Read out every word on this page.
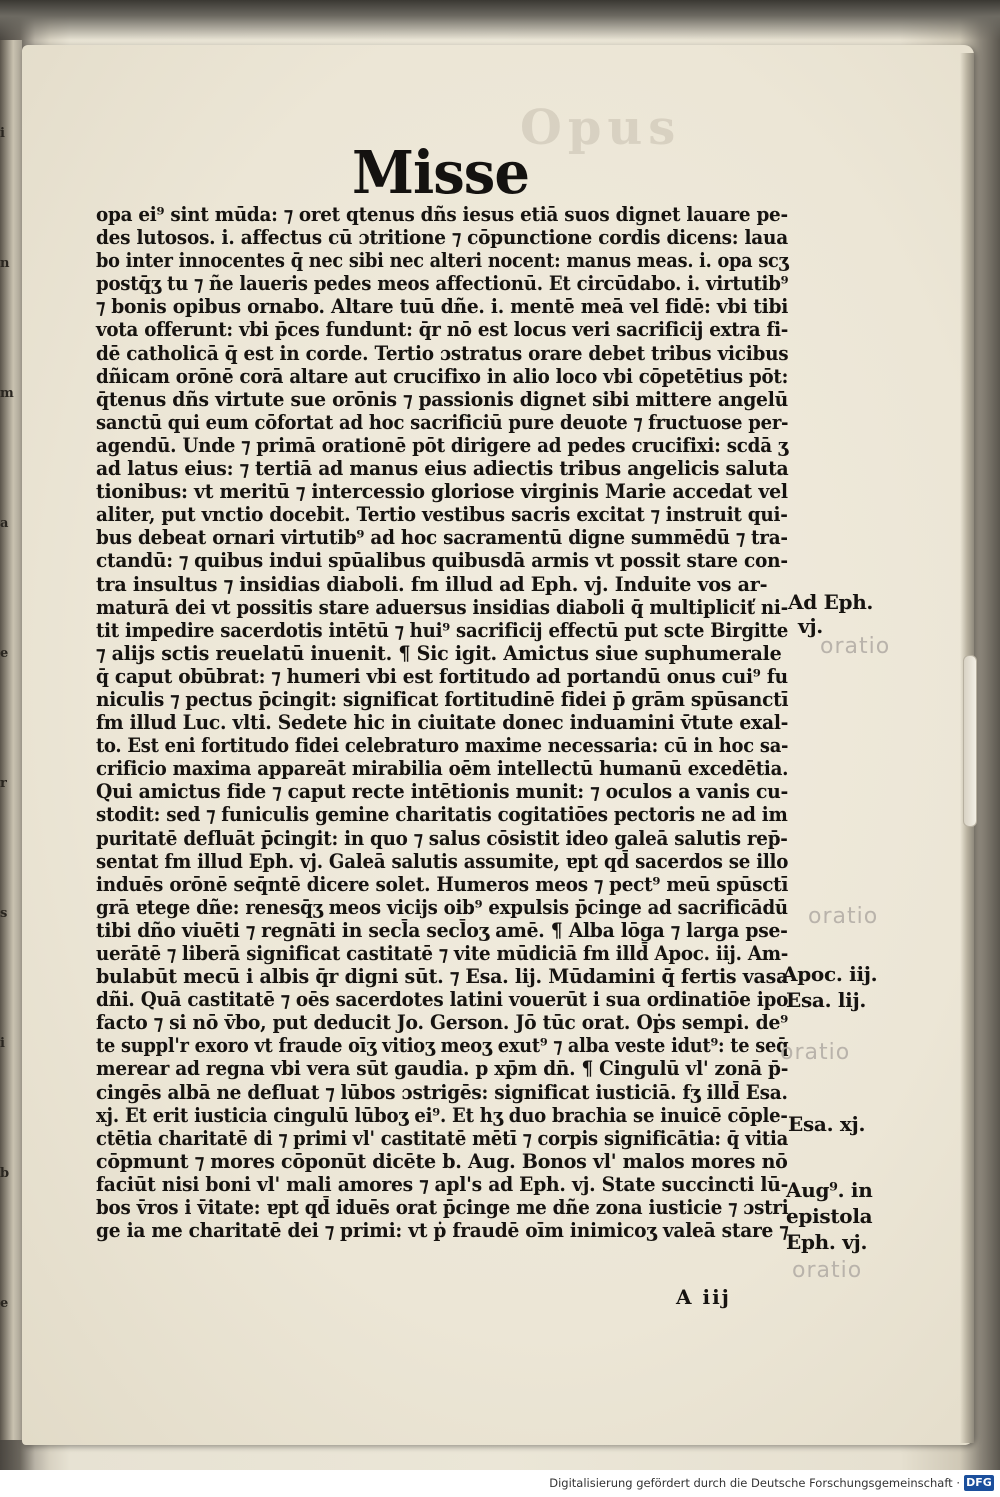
i
n
m
a
e
r
s
i
b
e
Opus
Misse
opa ei⁹ sint mūda: ⁊ oret qtenus dñs iesus etiā suos dignet lauare pe-
des lutosos. i. affectus cū ɔtritione ⁊ cōpunctione cordis dicens: laua
bo inter innocentes q̄ nec sibi nec alteri nocent: manus meas. i. opa scʒ
postq̄ʒ tu ⁊ ñe laueris pedes meos affectionū. Et circūdabo. i. virtutib⁹
⁊ bonis opibus ornabo. Altare tuū dñe. i. mentē meā vel fidē: vbi tibi
vota offerunt: vbi p̄ces fundunt: q̄r nō est locus veri sacrificij extra fi-
dē catholicā q̄ est in corde. Tertio ɔstratus orare debet tribus vicibus
dñicam orōnē corā altare aut crucifixo in alio loco vbi cōpetētius pōt:
q̄tenus dñs virtute sue orōnis ⁊ passionis dignet sibi mittere angelū
sanctū qui eum cōfortat ad hoc sacrificiū pure deuote ⁊ fructuose per-
agendū. Unde ⁊ primā orationē pōt dirigere ad pedes crucifixi: scdā ʒ
ad latus eius: ⁊ tertiā ad manus eius adiectis tribus angelicis saluta
tionibus: vt meritū ⁊ intercessio gloriose virginis Marie accedat vel
aliter, put vnctio docebit. Tertio vestibus sacris excitat ⁊ instruit qui-
bus debeat ornari virtutib⁹ ad hoc sacramentū digne summēdū ⁊ tra-
ctandū: ⁊ quibus indui spūalibus quibusdā armis vt possit stare con-
tra insultus ⁊ insidias diaboli. fm illud ad Eph. vj. Induite vos ar-
maturā dei vt possitis stare aduersus insidias diaboli q̄ multipliciť ni-
tit impedire sacerdotis intētū ⁊ hui⁹ sacrificij effectū put scte Birgitte
⁊ alijs sctis reuelatū inuenit. ¶ Sic igit. Amictus siue suphumerale
q̄ caput obūbrat: ⁊ humeri vbi est fortitudo ad portandū onus cui⁹ fu
niculis ⁊ pectus p̄cingit: significat fortitudinē fidei p̄ grām spūsanctī
fm illud Luc. vlti. Sedete hic in ciuitate donec induamini v̄tute exal-
to. Est eni fortitudo fidei celebraturo maxime necessaria: cū in hoc sa-
crificio maxima appareāt mirabilia oēm intellectū humanū excedētia.
Qui amictus fide ⁊ caput recte intētionis munit: ⁊ oculos a vanis cu-
stodit: sed ⁊ funiculis gemine charitatis cogitatiōes pectoris ne ad im
puritatē defluāt p̄cingit: in quo ⁊ salus cōsistit ideo galeā salutis rep̄-
sentat fm illud Eph. vj. Galeā salutis assumite, ɐpt qd̄ sacerdos se illo
induēs orōnē seq̄ntē dicere solet. Humeros meos ⁊ pect⁹ meū spūsctī
grā ɐtege dñe: renesq̄ʒ meos vicijs oib⁹ expulsis p̄cinge ad sacrificādū
tibi dño viuēti ⁊ regnāti in secl̄a secl̄oʒ amē. ¶ Alba lōga ⁊ larga pse-
uerātē ⁊ liberā significat castitatē ⁊ vite mūdiciā fm illd̄ Apoc. iij. Am-
bulabūt mecū i albis q̄r digni sūt. ⁊ Esa. lij. Mūdamini q̄ fertis vasa
dñi. Quā castitatē ⁊ oēs sacerdotes latini vouerūt i sua ordinatiōe ipo
facto ⁊ si nō v̄bo, put deducit Jo. Gerson. Jō tūc orat. Oṗs sempi. de⁹
te suppl'r exoro vt fraude oīʒ vitioʒ meoʒ exut⁹ ⁊ alba veste idut⁹: te seq̄
merear ad regna vbi vera sūt gaudia. p xp̄m dn̄. ¶ Cingulū vl' zonā p̄-
cingēs albā ne defluat ⁊ lūbos ɔstrigēs: significat iusticiā. fʒ illd̄ Esa.
xj. Et erit iusticia cingulū lūboʒ ei⁹. Et hʒ duo brachia se inuicē cōple-
ctētia charitatē di ⁊ primi vl' castitatē mētī ⁊ corpis significātia: q̄ vitia
cōpmunt ⁊ mores cōponūt dicēte b. Aug. Bonos vl' malos mores nō
faciūt nisi boni vl' mali amores ⁊ apl's ad Eph. vj. State succincti lū-
bos v̄ros i v̄itate: ɐpt qd̄ iduēs orat p̄cinge me dñe zona iusticie ⁊ ɔstri
ge ia me charitatē dei ⁊ primi: vt ṗ fraudē oīm inimicoʒ valeā stare ⁊
Ad Eph.
vj.
oratio
oratio
Apoc. iij.
Esa. lij.
oratio
Esa. xj.
Aug⁹. in
epistola
Eph. vj.
oratio
A iij
Digitalisierung gefördert durch die Deutsche Forschungsgemeinschaft · DFG
